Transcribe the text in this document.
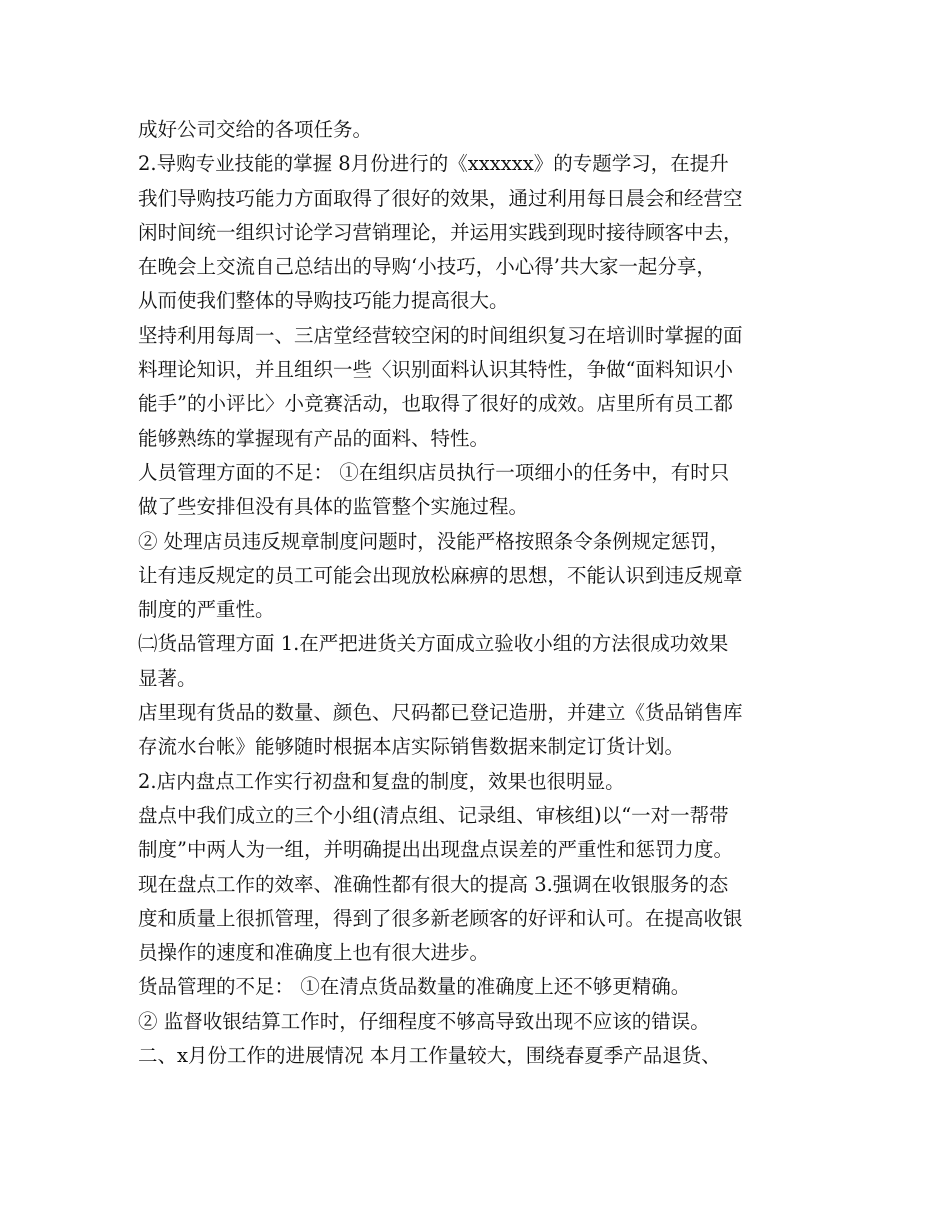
成好公司交给的各项任务。
2.导购专业技能的掌握 8月份进行的《xxxxxx》的专题学习，在提升
我们导购技巧能力方面取得了很好的效果，通过利用每日晨会和经营空
闲时间统一组织讨论学习营销理论，并运用实践到现时接待顾客中去，
在晚会上交流自己总结出的导购‘小技巧，小心得’共大家一起分享，
从而使我们整体的导购技巧能力提高很大。
坚持利用每周一、三店堂经营较空闲的时间组织复习在培训时掌握的面
料理论知识，并且组织一些〈识别面料认识其特性，争做“面料知识小
能手”的小评比〉小竞赛活动，也取得了很好的成效。店里所有员工都
能够熟练的掌握现有产品的面料、特性。
人员管理方面的不足： ①在组织店员执行一项细小的任务中，有时只
做了些安排但没有具体的监管整个实施过程。
② 处理店员违反规章制度问题时，没能严格按照条令条例规定惩罚，
让有违反规定的员工可能会出现放松麻痹的思想，不能认识到违反规章
制度的严重性。
㈡货品管理方面 1.在严把进货关方面成立验收小组的方法很成功效果
显著。
店里现有货品的数量、颜色、尺码都已登记造册，并建立《货品销售库
存流水台帐》能够随时根据本店实际销售数据来制定订货计划。
2.店内盘点工作实行初盘和复盘的制度，效果也很明显。
盘点中我们成立的三个小组(清点组、记录组、审核组)以“一对一帮带
制度”中两人为一组，并明确提出出现盘点误差的严重性和惩罚力度。
现在盘点工作的效率、准确性都有很大的提高 3.强调在收银服务的态
度和质量上很抓管理，得到了很多新老顾客的好评和认可。在提高收银
员操作的速度和准确度上也有很大进步。
货品管理的不足： ①在清点货品数量的准确度上还不够更精确。
② 监督收银结算工作时，仔细程度不够高导致出现不应该的错误。
二、x月份工作的进展情况 本月工作量较大，围绕春夏季产品退货、
